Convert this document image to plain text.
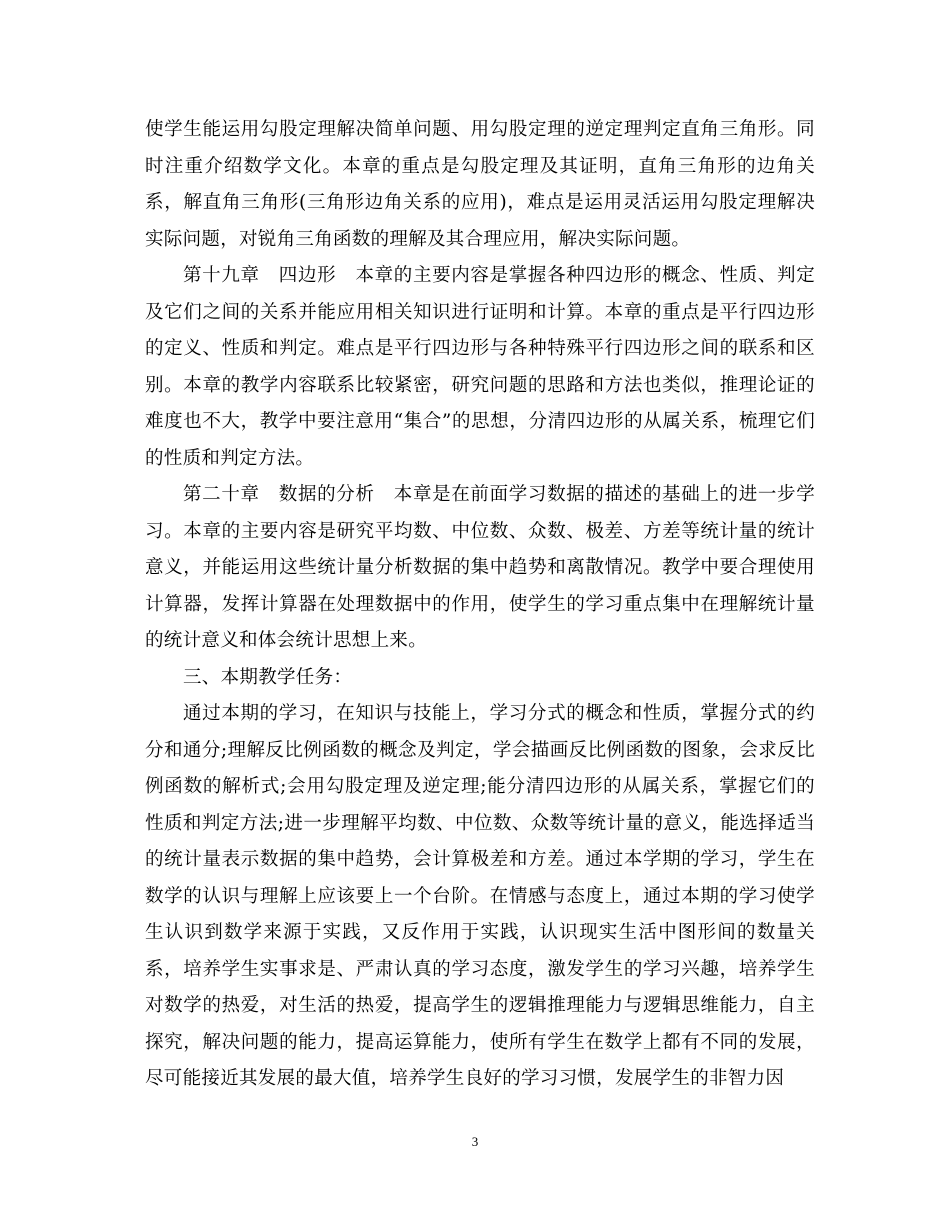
使学生能运用勾股定理解决简单问题、用勾股定理的逆定理判定直角三角形。同时注重介绍数学文化。本章的重点是勾股定理及其证明，直角三角形的边角关系，解直角三角形(三角形边角关系的应用)，难点是运用灵活运用勾股定理解决实际问题，对锐角三角函数的理解及其合理应用，解决实际问题。

第十九章　四边形　本章的主要内容是掌握各种四边形的概念、性质、判定及它们之间的关系并能应用相关知识进行证明和计算。本章的重点是平行四边形的定义、性质和判定。难点是平行四边形与各种特殊平行四边形之间的联系和区别。本章的教学内容联系比较紧密，研究问题的思路和方法也类似，推理论证的难度也不大，教学中要注意用“集合”的思想，分清四边形的从属关系，梳理它们的性质和判定方法。

第二十章　数据的分析　本章是在前面学习数据的描述的基础上的进一步学习。本章的主要内容是研究平均数、中位数、众数、极差、方差等统计量的统计意义，并能运用这些统计量分析数据的集中趋势和离散情况。教学中要合理使用计算器，发挥计算器在处理数据中的作用，使学生的学习重点集中在理解统计量的统计意义和体会统计思想上来。

三、本期教学任务：

通过本期的学习，在知识与技能上，学习分式的概念和性质，掌握分式的约分和通分;理解反比例函数的概念及判定，学会描画反比例函数的图象，会求反比例函数的解析式;会用勾股定理及逆定理;能分清四边形的从属关系，掌握它们的性质和判定方法;进一步理解平均数、中位数、众数等统计量的意义，能选择适当的统计量表示数据的集中趋势，会计算极差和方差。通过本学期的学习，学生在数学的认识与理解上应该要上一个台阶。在情感与态度上，通过本期的学习使学生认识到数学来源于实践，又反作用于实践，认识现实生活中图形间的数量关系，培养学生实事求是、严肃认真的学习态度，激发学生的学习兴趣，培养学生对数学的热爱，对生活的热爱，提高学生的逻辑推理能力与逻辑思维能力，自主探究，解决问题的能力，提高运算能力，使所有学生在数学上都有不同的发展，尽可能接近其发展的最大值，培养学生良好的学习习惯，发展学生的非智力因

3
